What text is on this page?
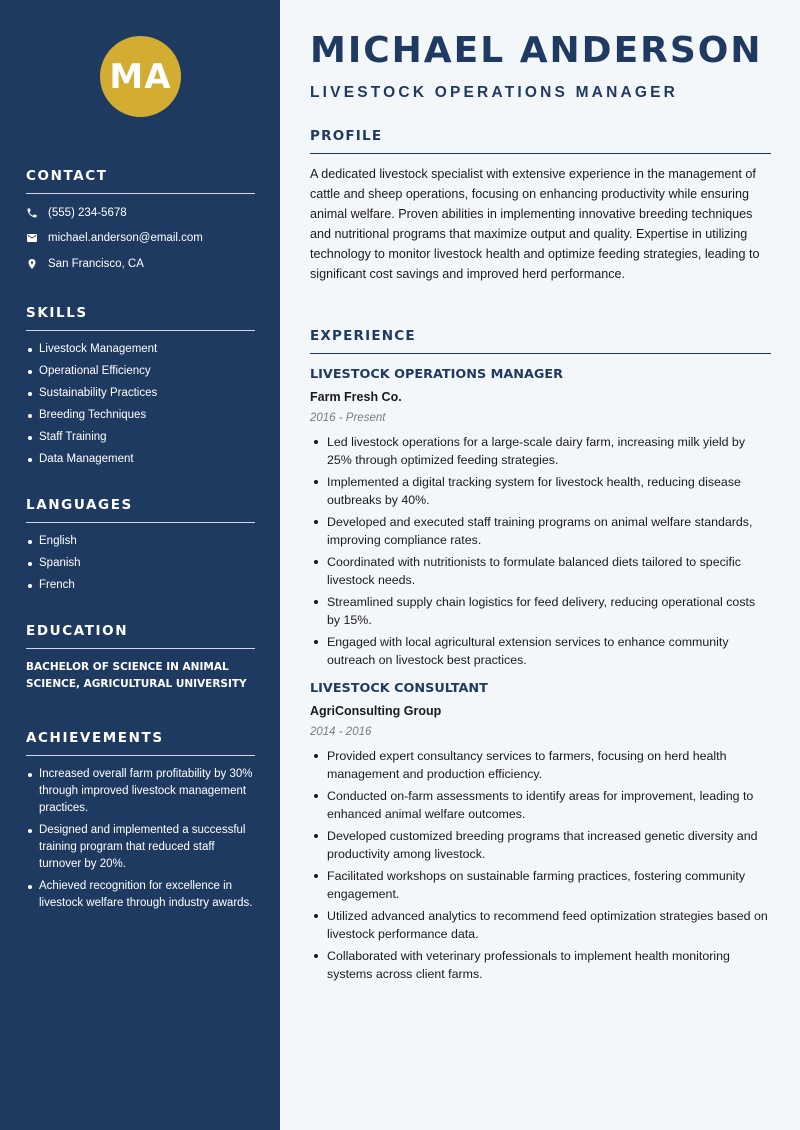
MA
CONTACT
(555) 234-5678
michael.anderson@email.com
San Francisco, CA
SKILLS
Livestock Management
Operational Efficiency
Sustainability Practices
Breeding Techniques
Staff Training
Data Management
LANGUAGES
English
Spanish
French
EDUCATION

BACHELOR OF SCIENCE IN ANIMAL SCIENCE, AGRICULTURAL UNIVERSITY

ACHIEVEMENTS
Increased overall farm profitability by 30% through improved livestock management practices.
Designed and implemented a successful training program that reduced staff turnover by 20%.
Achieved recognition for excellence in livestock welfare through industry awards.
MICHAEL ANDERSON
LIVESTOCK OPERATIONS MANAGER
PROFILE

A dedicated livestock specialist with extensive experience in the management of cattle and sheep operations, focusing on enhancing productivity while ensuring animal welfare. Proven abilities in implementing innovative breeding techniques and nutritional programs that maximize output and quality. Expertise in utilizing technology to monitor livestock health and optimize feeding strategies, leading to significant cost savings and improved herd performance.

EXPERIENCE
LIVESTOCK OPERATIONS MANAGER
Farm Fresh Co.
2016 - Present
Led livestock operations for a large-scale dairy farm, increasing milk yield by 25% through optimized feeding strategies.
Implemented a digital tracking system for livestock health, reducing disease outbreaks by 40%.
Developed and executed staff training programs on animal welfare standards, improving compliance rates.
Coordinated with nutritionists to formulate balanced diets tailored to specific livestock needs.
Streamlined supply chain logistics for feed delivery, reducing operational costs by 15%.
Engaged with local agricultural extension services to enhance community outreach on livestock best practices.
LIVESTOCK CONSULTANT
AgriConsulting Group
2014 - 2016
Provided expert consultancy services to farmers, focusing on herd health management and production efficiency.
Conducted on-farm assessments to identify areas for improvement, leading to enhanced animal welfare outcomes.
Developed customized breeding programs that increased genetic diversity and productivity among livestock.
Facilitated workshops on sustainable farming practices, fostering community engagement.
Utilized advanced analytics to recommend feed optimization strategies based on livestock performance data.
Collaborated with veterinary professionals to implement health monitoring systems across client farms.
